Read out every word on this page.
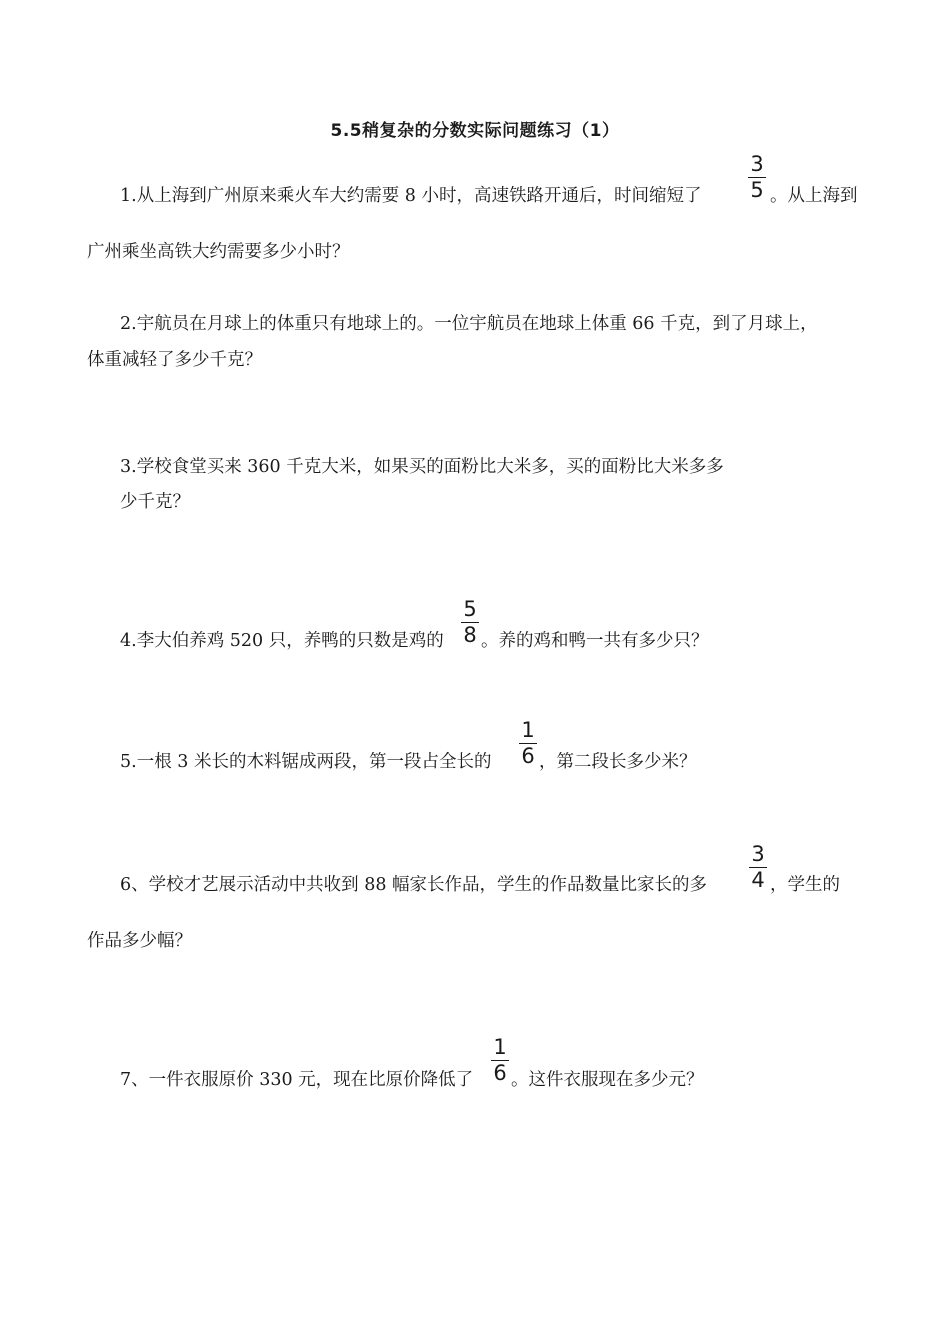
5.5稍复杂的分数实际问题练习（1）
1.从上海到广州原来乘火车大约需要 8 小时，高速铁路开通后，时间缩短了 $\frac{3}{5}$ 。从上海到
广州乘坐高铁大约需要多少小时？
2.宇航员在月球上的体重只有地球上的。一位宇航员在地球上体重 66 千克，到了月球上，
体重减轻了多少千克？
3.学校食堂买来 360 千克大米，如果买的面粉比大米多，买的面粉比大米多多
少千克？
4.李大伯养鸡 520 只，养鸭的只数是鸡的 $\frac{5}{8}$ 。养的鸡和鸭一共有多少只？
5.一根 3 米长的木料锯成两段，第一段占全长的 $\frac{1}{6}$ ，第二段长多少米？
6、学校才艺展示活动中共收到 88 幅家长作品，学生的作品数量比家长的多 $\frac{3}{4}$ ，学生的
作品多少幅？
7、一件衣服原价 330 元，现在比原价降低了 $\frac{1}{6}$ 。这件衣服现在多少元？
